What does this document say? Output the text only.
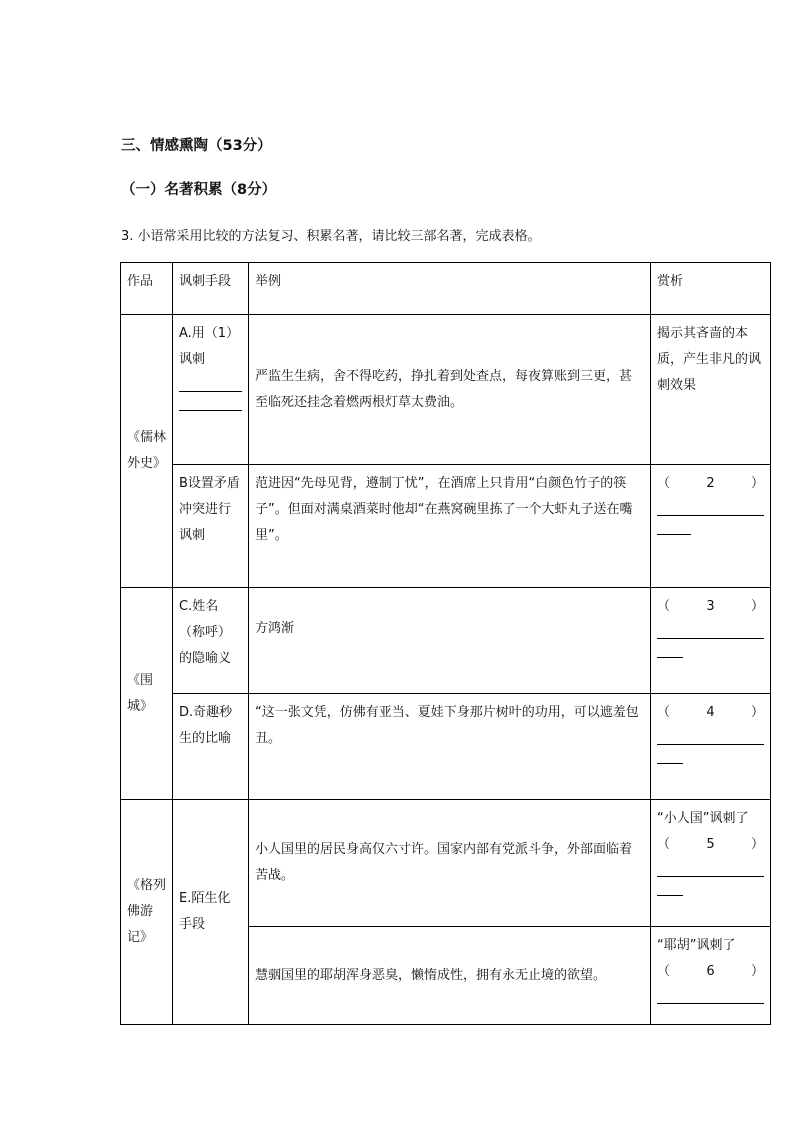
三、情感熏陶（53分）
（一）名著积累（8分）
3. 小语常采用比较的方法复习、积累名著，请比较三部名著，完成表格。
作品	讽刺手段	举例	赏析
《儒林外史》	A.用（1）讽刺	严监生生病，舍不得吃药，挣扎着到处查点，每夜算账到三更，甚至临死还挂念着燃两根灯草太费油。	揭示其吝啬的本质，产生非凡的讽刺效果
	B设置矛盾冲突进行讽刺	范进因“先母见背，遵制丁忧”，在酒席上只肯用“白颜色竹子的筷子”。但面对满桌酒菜时他却“在燕窝碗里拣了一个大虾丸子送在嘴里”。	（ 2 ）

《围城》	C.姓名（称呼）的隐喻义	方鸿渐	（ 3 ）

	D.奇趣秒生的比喻	“这一张文凭，仿佛有亚当、夏娃下身那片树叶的功用，可以遮羞包丑。	（ 4 ）

《格列佛游记》	E.陌生化手段	小人国里的居民身高仅六寸许。国家内部有党派斗争，外部面临着苦战。	“小人国”讽刺了
（ 5 ）

		慧骃国里的耶胡浑身恶臭，懒惰成性，拥有永无止境的欲望。	“耶胡”讽刺了
（ 6 ）
